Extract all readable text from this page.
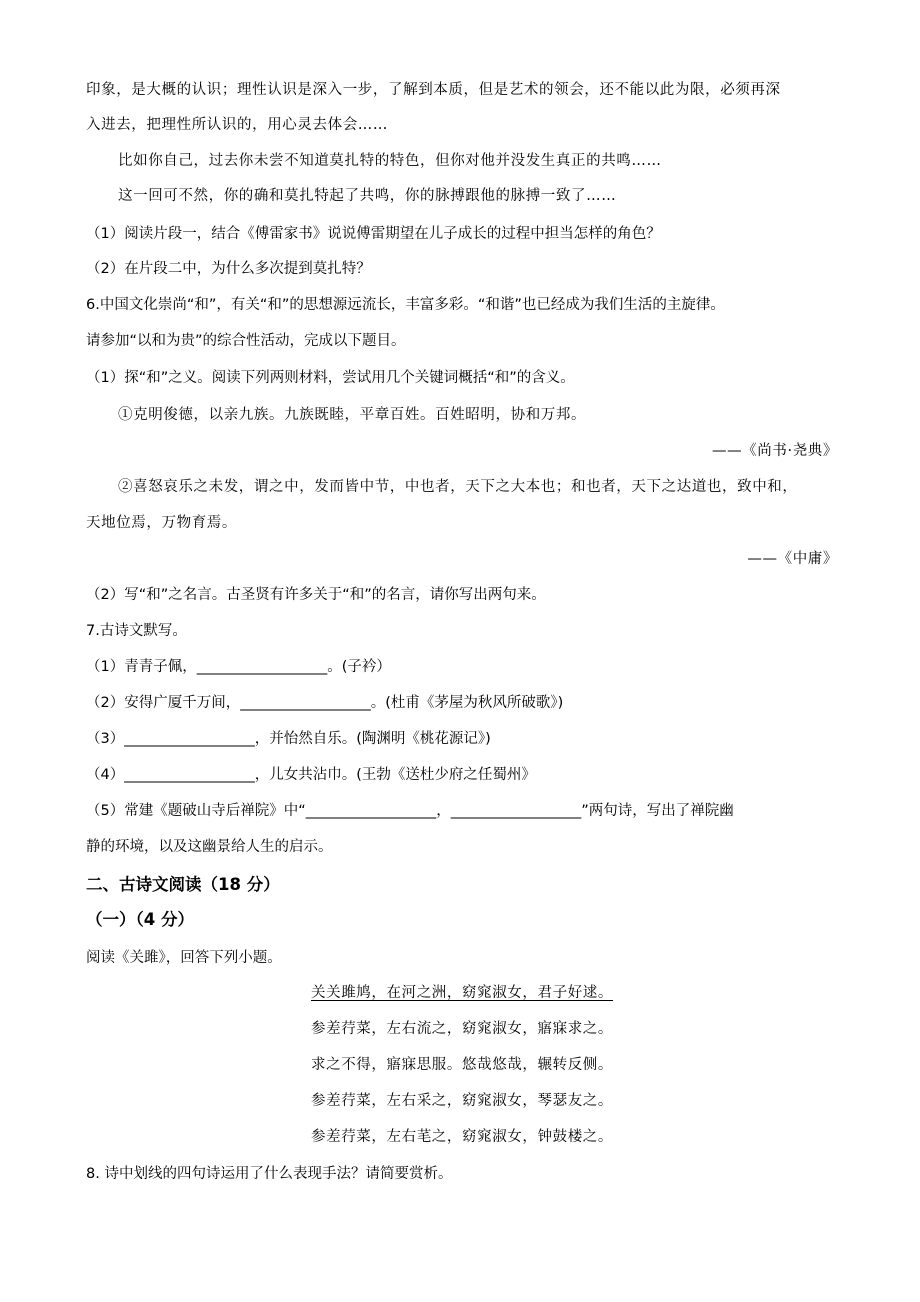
印象，是大概的认识；理性认识是深入一步，了解到本质，但是艺术的领会，还不能以此为限，必须再深
入进去，把理性所认识的，用心灵去体会……
比如你自己，过去你未尝不知道莫扎特的特色，但你对他并没发生真正的共鸣……
这一回可不然，你的确和莫扎特起了共鸣，你的脉搏跟他的脉搏一致了……
（1）阅读片段一，结合《傅雷家书》说说傅雷期望在儿子成长的过程中担当怎样的角色？
（2）在片段二中，为什么多次提到莫扎特？
6.中国文化崇尚“和”，有关“和”的思想源远流长，丰富多彩。“和谐”也已经成为我们生活的主旋律。
请参加“以和为贵”的综合性活动，完成以下题目。
（1）探“和”之义。阅读下列两则材料，尝试用几个关键词概括“和”的含义。
①克明俊德，以亲九族。九族既睦，平章百姓。百姓昭明，协和万邦。
——《尚书·尧典》
②喜怒哀乐之未发，谓之中，发而皆中节，中也者，天下之大本也；和也者，天下之达道也，致中和，
天地位焉，万物育焉。
——《中庸》
（2）写“和”之名言。古圣贤有许多关于“和”的名言，请你写出两句来。
7.古诗文默写。
（1）青青子佩，__________________。(子衿）
（2）安得广厦千万间，__________________。(杜甫《茅屋为秋风所破歌》)
（3）__________________，并怡然自乐。(陶渊明《桃花源记》)
（4）__________________，儿女共沾巾。(王勃《送杜少府之任蜀州》
（5）常建《题破山寺后禅院》中“__________________，__________________”两句诗，写出了禅院幽
静的环境，以及这幽景给人生的启示。
二、古诗文阅读（18 分）
（一）（4 分）
阅读《关雎》，回答下列小题。
关关雎鸠，在河之洲，窈窕淑女，君子好逑。
参差荇菜，左右流之，窈窕淑女，寤寐求之。
求之不得，寤寐思服。悠哉悠哉，辗转反侧。
参差荇菜，左右采之，窈窕淑女，琴瑟友之。
参差荇菜，左右芼之，窈窕淑女，钟鼓楼之。
8. 诗中划线的四句诗运用了什么表现手法？请简要赏析。
